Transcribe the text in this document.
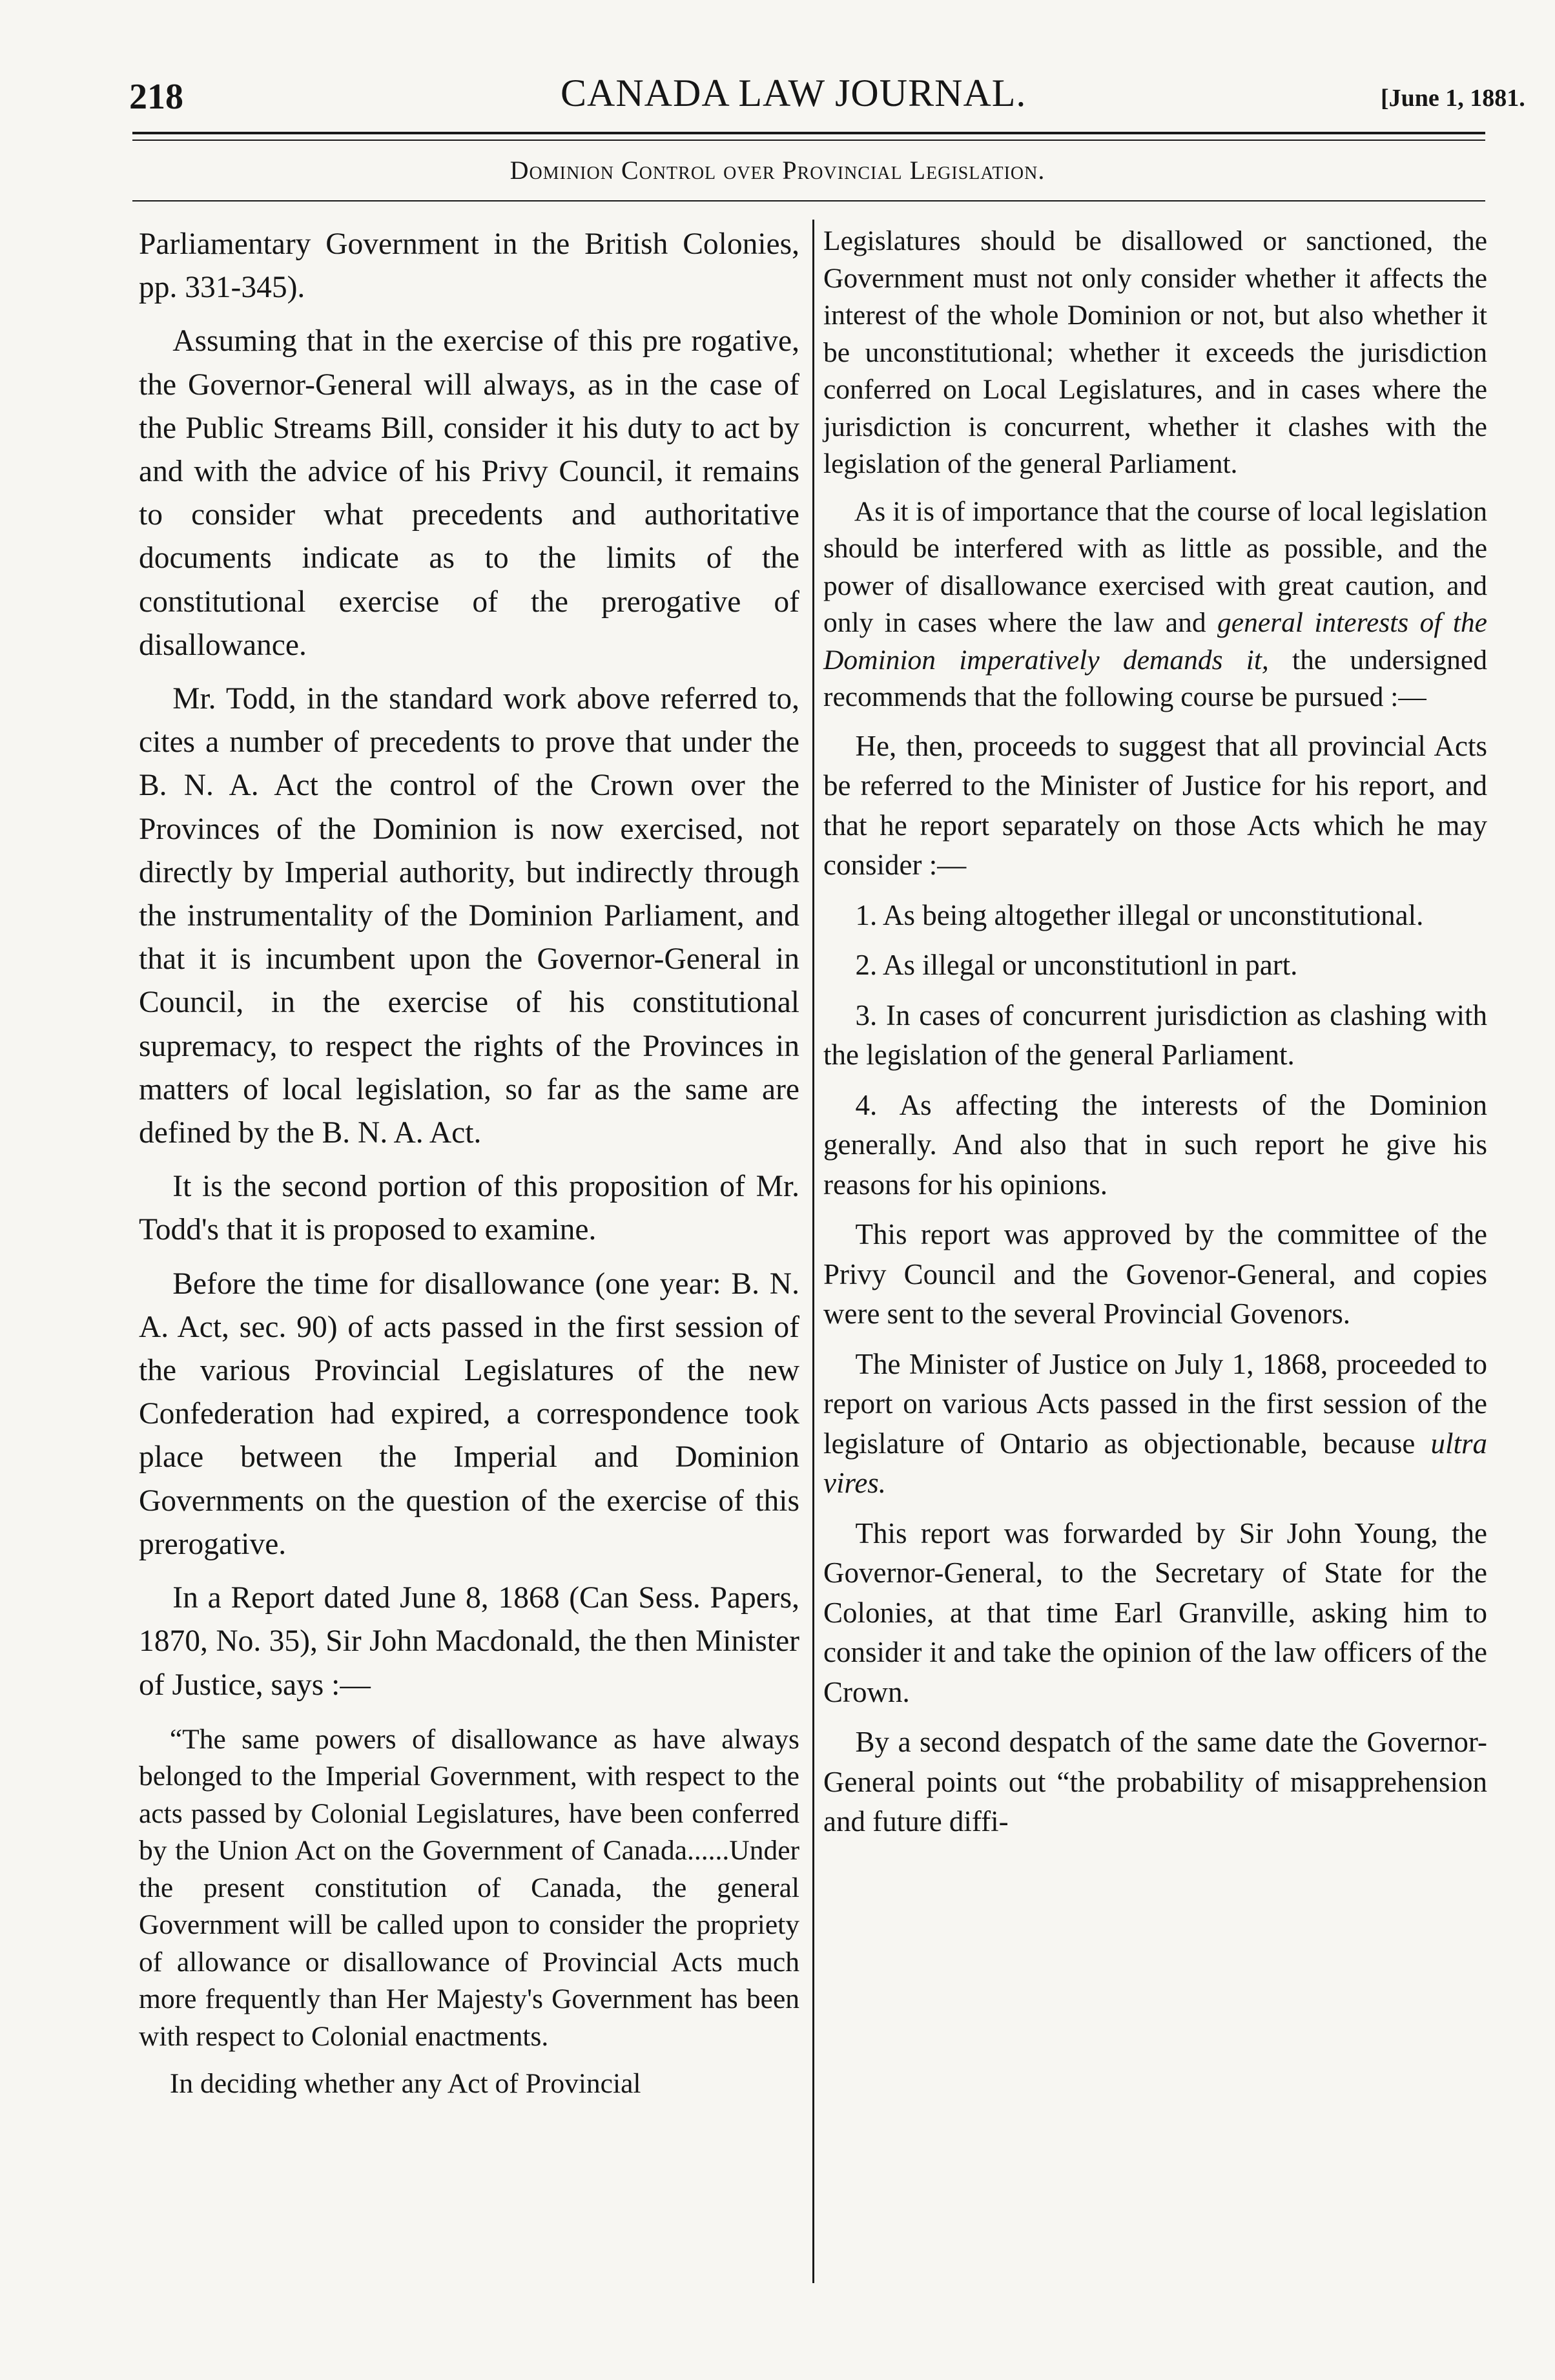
218	CANADA LAW JOURNAL.	[June 1, 1881.
Dominion Control over Provincial Legislation.

Parliamentary Government in the British Colonies, pp. 331-345).

Assuming that in the exercise of this pre rogative, the Governor-General will always, as in the case of the Public Streams Bill, consider it his duty to act by and with the advice of his Privy Council, it remains to consider what precedents and authoritative documents indicate as to the limits of the constitutional exercise of the prerogative of disallowance.

Mr. Todd, in the standard work above referred to, cites a number of precedents to prove that under the B. N. A. Act the control of the Crown over the Provinces of the Dominion is now exercised, not directly by Imperial authority, but indirectly through the instrumentality of the Dominion Parliament, and that it is incumbent upon the Governor-General in Council, in the exercise of his constitutional supremacy, to respect the rights of the Provinces in matters of local legislation, so far as the same are defined by the B. N. A. Act.

It is the second portion of this proposition of Mr. Todd's that it is proposed to examine.

Before the time for disallowance (one year: B. N. A. Act, sec. 90) of acts passed in the first session of the various Provincial Legislatures of the new Confederation had expired, a correspondence took place between the Imperial and Dominion Governments on the question of the exercise of this prerogative.

In a Report dated June 8, 1868 (Can Sess. Papers, 1870, No. 35), Sir John Macdonald, the then Minister of Justice, says :—

“The same powers of disallowance as have always belonged to the Imperial Government, with respect to the acts passed by Colonial Legislatures, have been conferred by the Union Act on the Government of Canada......Under the present constitution of Canada, the general Government will be called upon to consider the propriety of allowance or disallowance of Provincial Acts much more frequently than Her Majesty's Government has been with respect to Colonial enactments.

In deciding whether any Act of Provincial

Legislatures should be disallowed or sanctioned, the Government must not only consider whether it affects the interest of the whole Dominion or not, but also whether it be unconstitutional; whether it exceeds the jurisdiction conferred on Local Legislatures, and in cases where the jurisdiction is concurrent, whether it clashes with the legislation of the general Parliament.

As it is of importance that the course of local legislation should be interfered with as little as possible, and the power of disallowance exercised with great caution, and only in cases where the law and general interests of the Dominion imperatively demands it, the undersigned recommends that the following course be pursued :—

He, then, proceeds to suggest that all provincial Acts be referred to the Minister of Justice for his report, and that he report separately on those Acts which he may consider :—

1. As being altogether illegal or unconstitutional.

2. As illegal or unconstitutionl in part.

3. In cases of concurrent jurisdiction as clashing with the legislation of the general Parliament.

4. As affecting the interests of the Dominion generally. And also that in such report he give his reasons for his opinions.

This report was approved by the committee of the Privy Council and the Govenor-General, and copies were sent to the several Provincial Govenors.

The Minister of Justice on July 1, 1868, proceeded to report on various Acts passed in the first session of the legislature of Ontario as objectionable, because ultra vires.

This report was forwarded by Sir John Young, the Governor-General, to the Secretary of State for the Colonies, at that time Earl Granville, asking him to consider it and take the opinion of the law officers of the Crown.

By a second despatch of the same date the Governor-General points out “the probability of misapprehension and future diffi-
